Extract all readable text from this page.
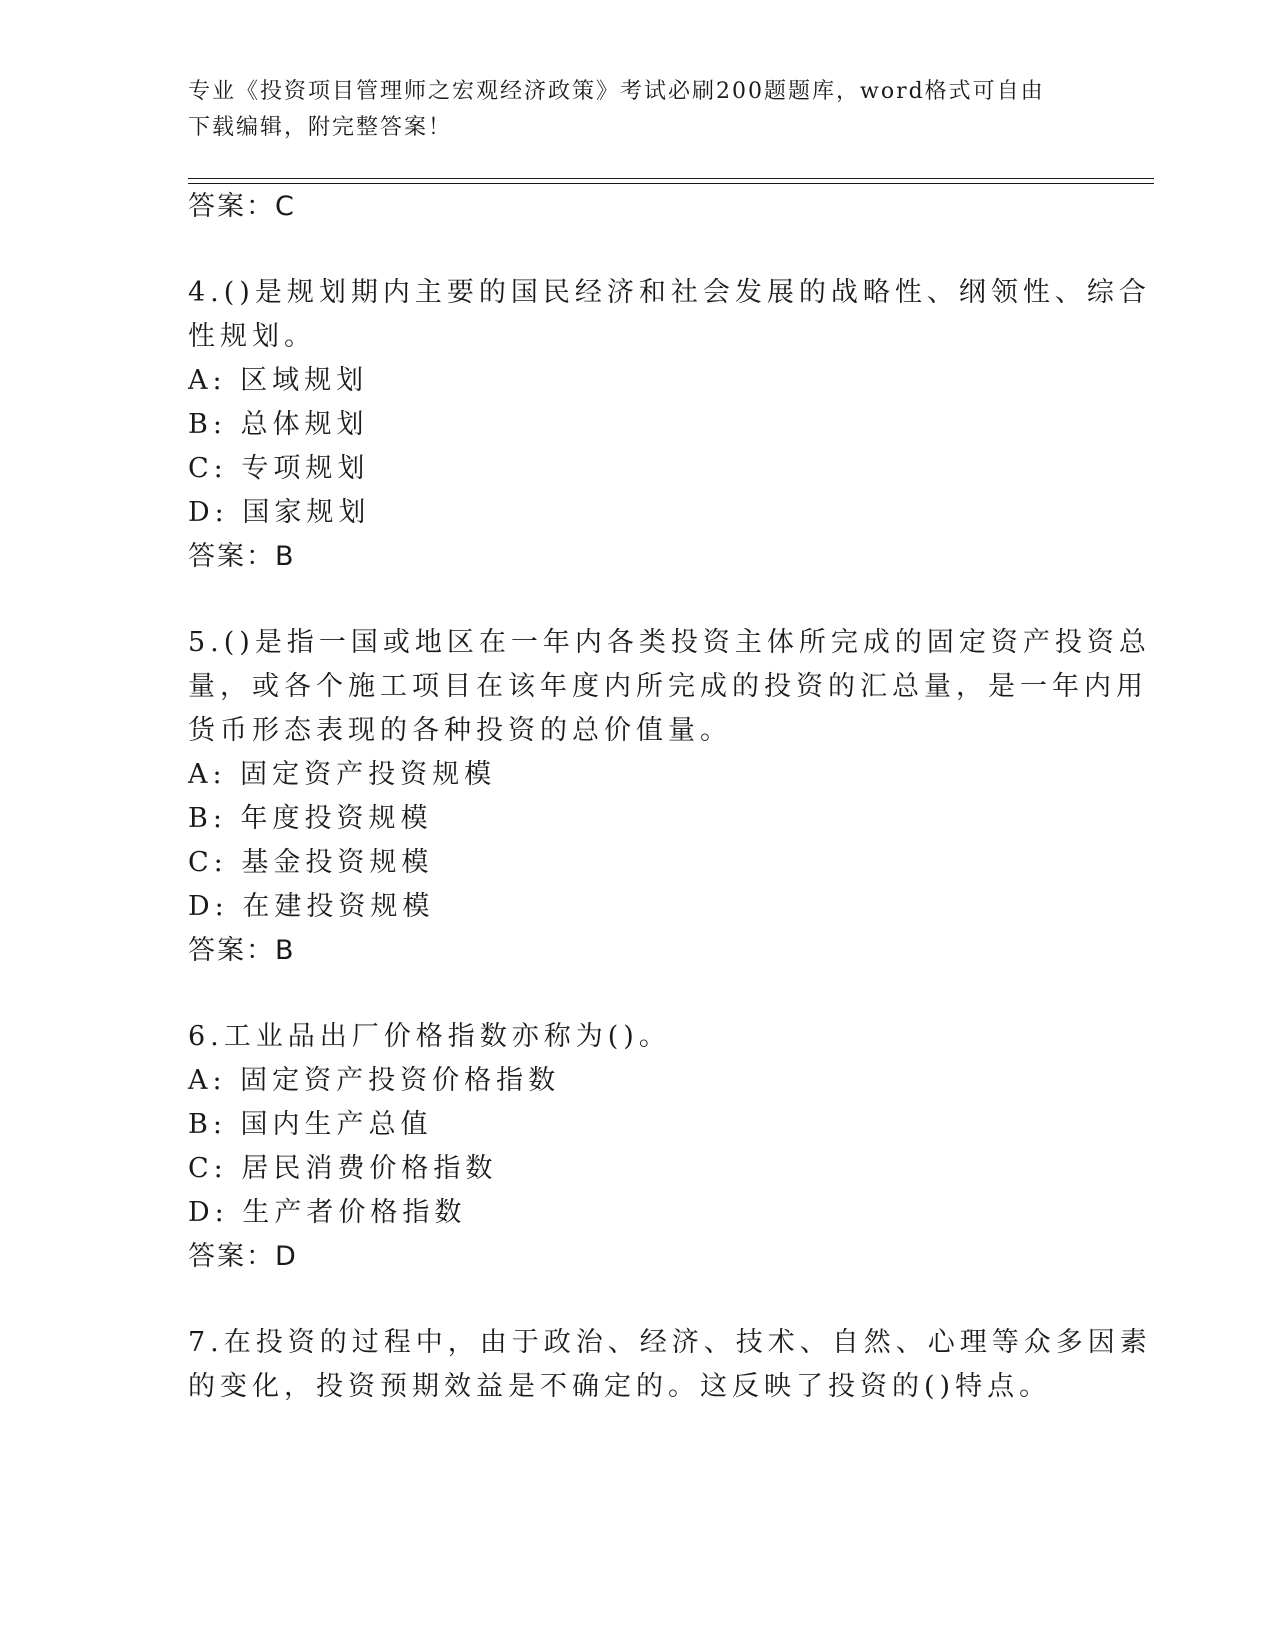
专业《投资项目管理师之宏观经济政策》考试必刷200题题库，word格式可自由
下载编辑，附完整答案！
答案：C
4.()是规划期内主要的国民经济和社会发展的战略性、纲领性、综合
性规划。
A: 区域规划
B: 总体规划
C: 专项规划
D: 国家规划
答案：B
5.()是指一国或地区在一年内各类投资主体所完成的固定资产投资总
量，或各个施工项目在该年度内所完成的投资的汇总量，是一年内用
货币形态表现的各种投资的总价值量。
A: 固定资产投资规模
B: 年度投资规模
C: 基金投资规模
D: 在建投资规模
答案：B
6.工业品出厂价格指数亦称为()。
A: 固定资产投资价格指数
B: 国内生产总值
C: 居民消费价格指数
D: 生产者价格指数
答案：D
7.在投资的过程中，由于政治、经济、技术、自然、心理等众多因素
的变化，投资预期效益是不确定的。这反映了投资的()特点。
